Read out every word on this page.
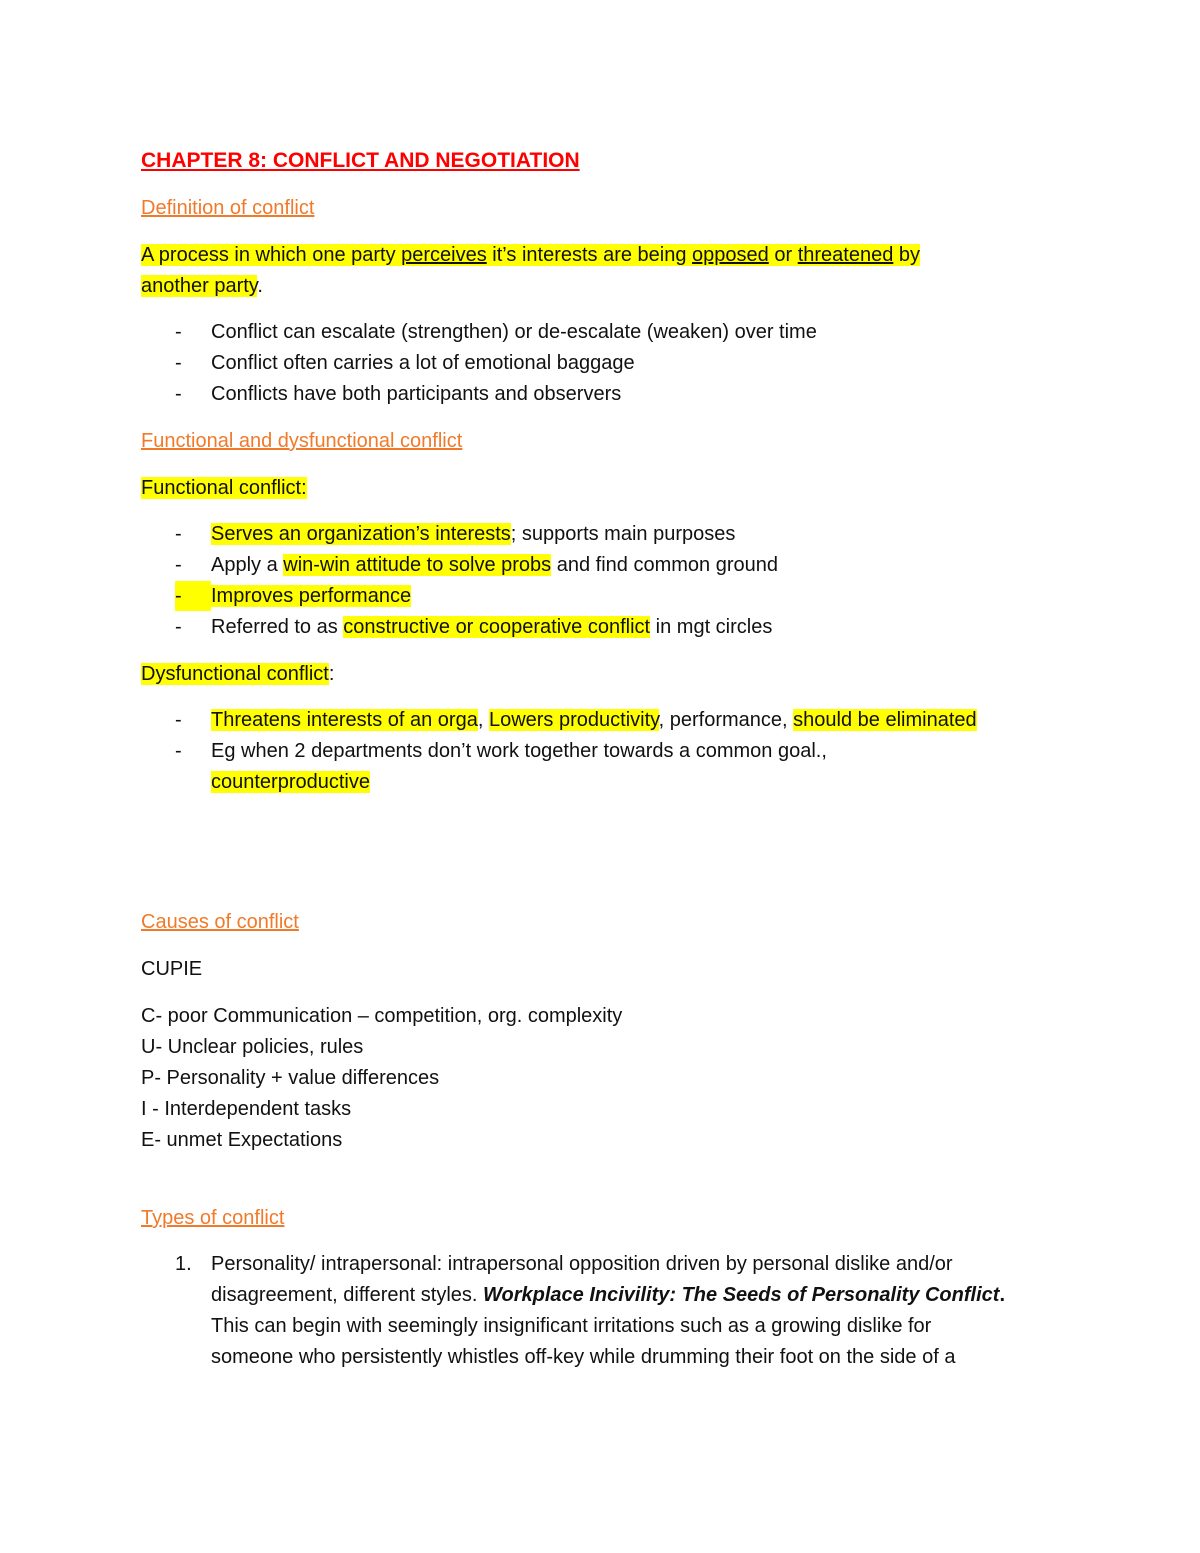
CHAPTER 8: CONFLICT AND NEGOTIATION
Definition of conflict
A process in which one party perceives it’s interests are being opposed or threatened by
another party.
- Conflict can escalate (strengthen) or de-escalate (weaken) over time
- Conflict often carries a lot of emotional baggage
- Conflicts have both participants and observers
Functional and dysfunctional conflict
Functional conflict:
- Serves an organization’s interests; supports main purposes
- Apply a win-win attitude to solve probs and find common ground
- Improves performance
- Referred to as constructive or cooperative conflict in mgt circles
Dysfunctional conflict:
- Threatens interests of an orga, Lowers productivity, performance, should be eliminated
- Eg when 2 departments don’t work together towards a common goal.,
counterproductive
Causes of conflict
CUPIE
C- poor Communication – competition, org. complexity
U- Unclear policies, rules
P- Personality + value differences
I - Interdependent tasks
E- unmet Expectations
Types of conflict
1. Personality/ intrapersonal: intrapersonal opposition driven by personal dislike and/or
disagreement, different styles. Workplace Incivility: The Seeds of Personality Conflict.
This can begin with seemingly insignificant irritations such as a growing dislike for
someone who persistently whistles off-key while drumming their foot on the side of a
